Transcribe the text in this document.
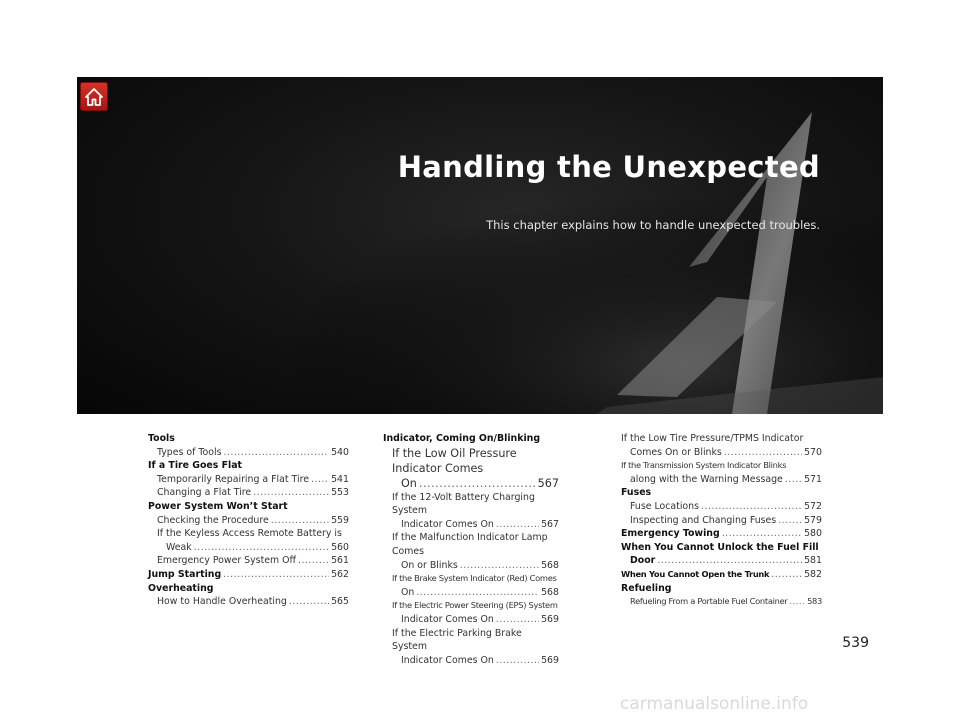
Handling the Unexpected

This chapter explains how to handle unexpected troubles.

Tools
Types of Tools .....	540
If a Tire Goes Flat
Temporarily Repairing a Flat Tire ..... 541
Changing a Flat Tire .....	553
Power System Won’t Start
Checking the Procedure .....	559
If the Keyless Access Remote Battery is
Weak .....	560
Emergency Power System Off .....	561
Jump Starting .....	562
Overheating
How to Handle Overheating .....	565
Indicator, Coming On/Blinking
If the Low Oil Pressure Indicator Comes
On .....	567
If the 12-Volt Battery Charging System
Indicator Comes On .....	567
If the Malfunction Indicator Lamp Comes
On or Blinks .....	568
If the Brake System Indicator (Red) Comes
On .....	568
If the Electric Power Steering (EPS) System
Indicator Comes On .....	569
If the Electric Parking Brake System
Indicator Comes On .....	569
If the Low Tire Pressure/TPMS Indicator
Comes On or Blinks .....	570
If the Transmission System Indicator Blinks
along with the Warning Message ..... 571
Fuses
Fuse Locations .....	572
Inspecting and Changing Fuses .....	579
Emergency Towing .....	580
When You Cannot Unlock the Fuel Fill
Door .....	581
When You Cannot Open the Trunk .....	582
Refueling
Refueling From a Portable Fuel Container ..... 583
539
carmanualsonline.info
